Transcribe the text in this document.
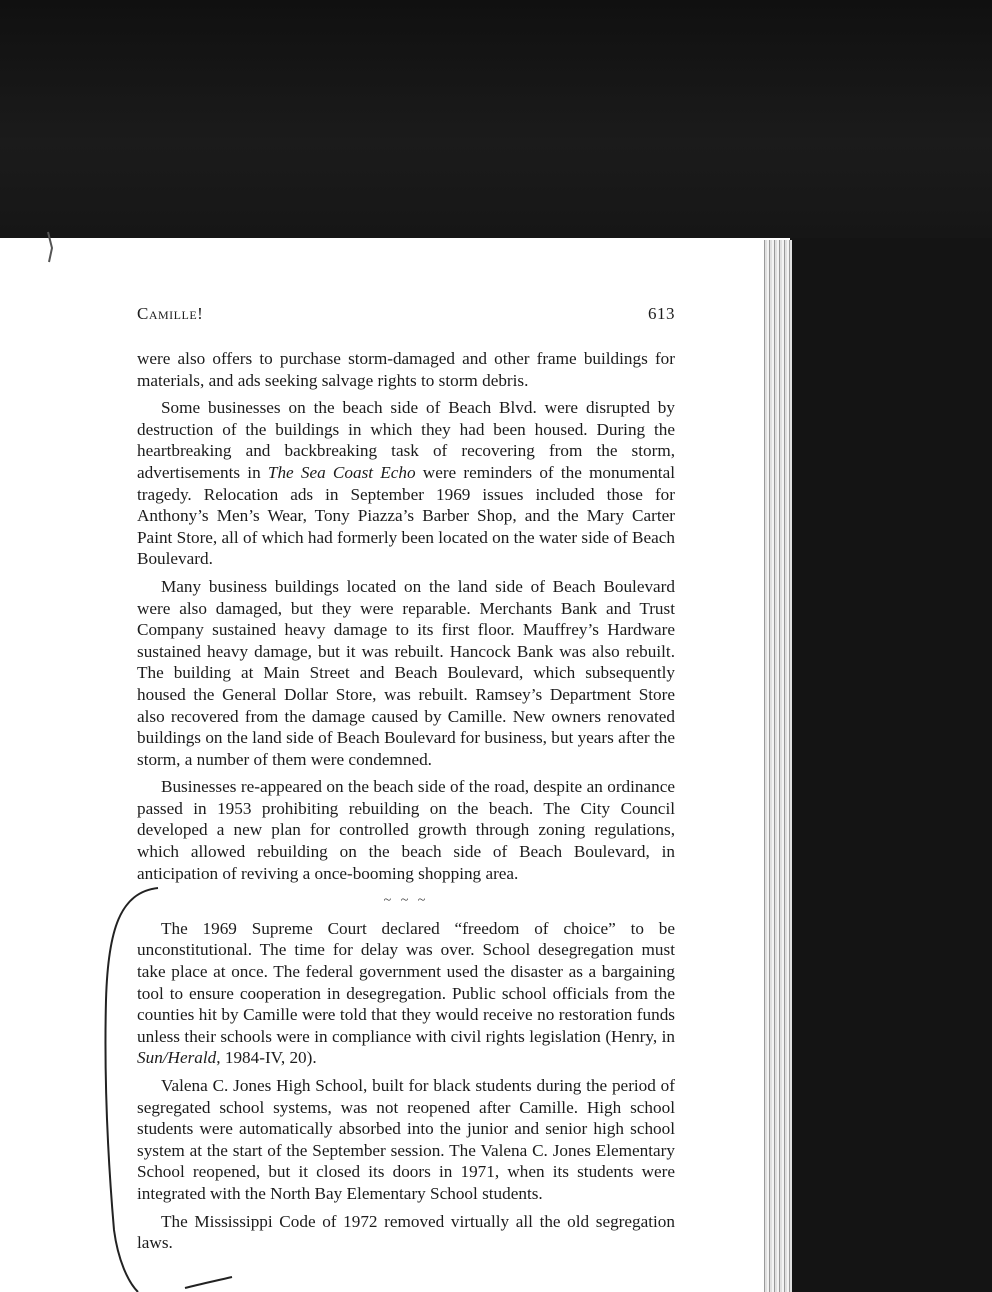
Camille!	613

were also offers to purchase storm-damaged and other frame buildings for materials, and ads seeking salvage rights to storm debris.

Some businesses on the beach side of Beach Blvd. were disrupted by destruction of the buildings in which they had been housed. During the heartbreaking and backbreaking task of recovering from the storm, advertisements in The Sea Coast Echo were reminders of the monumental tragedy. Relocation ads in September 1969 issues included those for Anthony’s Men’s Wear, Tony Piazza’s Barber Shop, and the Mary Carter Paint Store, all of which had formerly been located on the water side of Beach Boulevard.

Many business buildings located on the land side of Beach Boulevard were also damaged, but they were reparable. Merchants Bank and Trust Company sustained heavy damage to its first floor. Mauffrey’s Hardware sustained heavy damage, but it was rebuilt. Hancock Bank was also rebuilt. The building at Main Street and Beach Boulevard, which subsequently housed the General Dollar Store, was rebuilt. Ramsey’s Department Store also recovered from the damage caused by Camille. New owners renovated buildings on the land side of Beach Boulevard for business, but years after the storm, a number of them were condemned.

Businesses re-appeared on the beach side of the road, despite an ordinance passed in 1953 prohibiting rebuilding on the beach. The City Council developed a new plan for controlled growth through zoning regulations, which allowed rebuilding on the beach side of Beach Boulevard, in anticipation of reviving a once-booming shopping area.

~ ~ ~

The 1969 Supreme Court declared “freedom of choice” to be unconstitutional. The time for delay was over. School desegregation must take place at once. The federal government used the disaster as a bargaining tool to ensure cooperation in desegregation. Public school officials from the counties hit by Camille were told that they would receive no restoration funds unless their schools were in compliance with civil rights legislation (Henry, in Sun/Herald, 1984-IV, 20).

Valena C. Jones High School, built for black students during the period of segregated school systems, was not reopened after Camille. High school students were automatically absorbed into the junior and senior high school system at the start of the September session. The Valena C. Jones Elementary School reopened, but it closed its doors in 1971, when its students were integrated with the North Bay Elementary School students.

The Mississippi Code of 1972 removed virtually all the old segregation laws.
